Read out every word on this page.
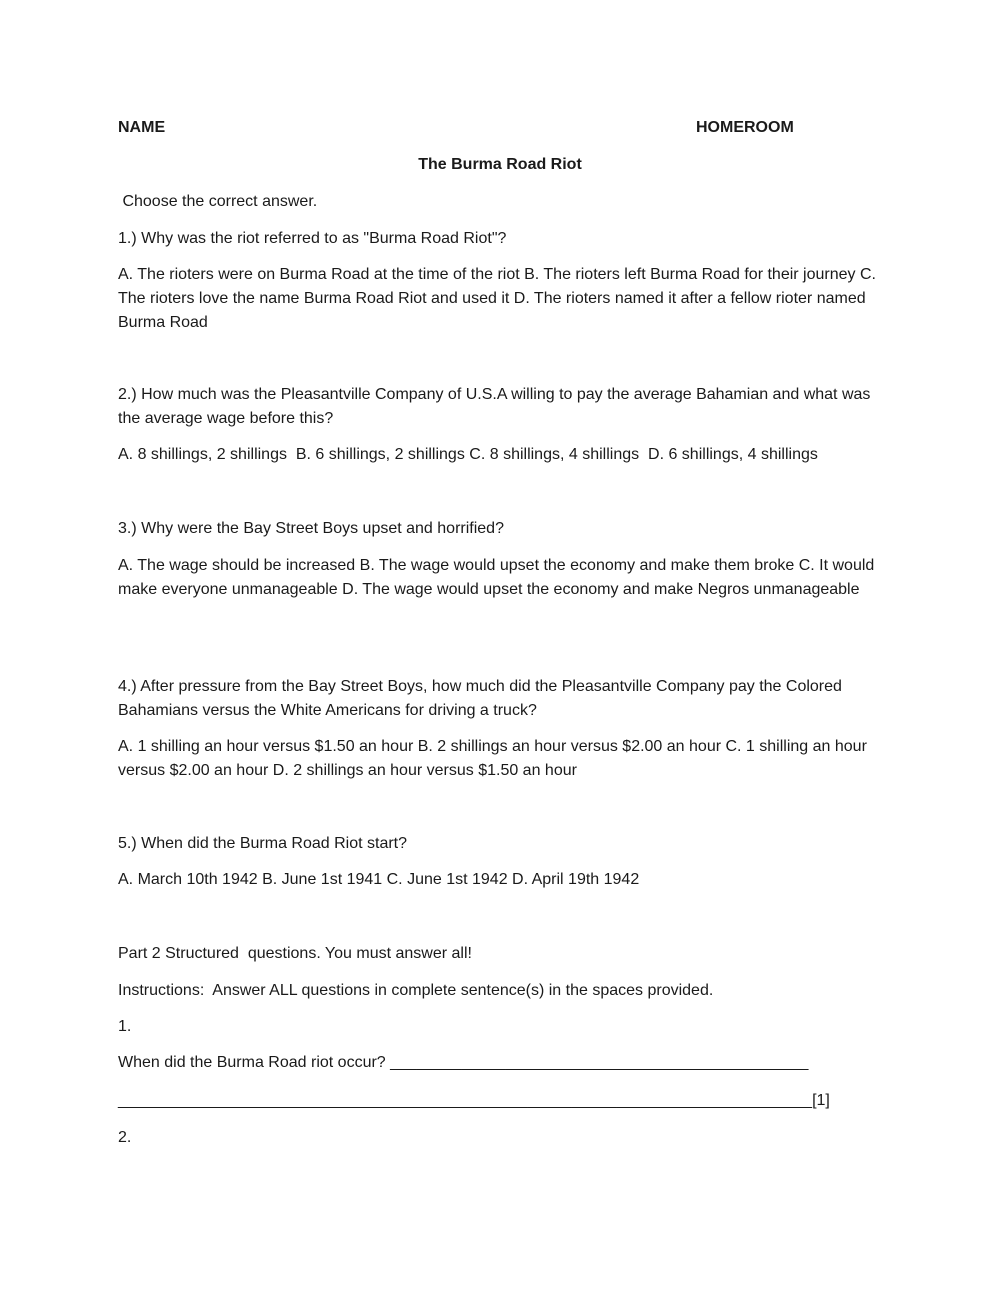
NAME	HOMEROOM
The Burma Road Riot

Choose the correct answer.

1.) Why was the riot referred to as "Burma Road Riot"?

A. The rioters were on Burma Road at the time of the riot B. The rioters left Burma Road for their journey C. The rioters love the name Burma Road Riot and used it D. The rioters named it after a fellow rioter named Burma Road

2.) How much was the Pleasantville Company of U.S.A willing to pay the average Bahamian and what was the average wage before this?

A. 8 shillings, 2 shillings  B. 6 shillings, 2 shillings C. 8 shillings, 4 shillings  D. 6 shillings, 4 shillings

3.) Why were the Bay Street Boys upset and horrified?

A. The wage should be increased B. The wage would upset the economy and make them broke C. It would make everyone unmanageable D. The wage would upset the economy and make Negros unmanageable

4.) After pressure from the Bay Street Boys, how much did the Pleasantville Company pay the Colored Bahamians versus the White Americans for driving a truck?

A. 1 shilling an hour versus $1.50 an hour B. 2 shillings an hour versus $2.00 an hour C. 1 shilling an hour versus $2.00 an hour D. 2 shillings an hour versus $1.50 an hour

5.) When did the Burma Road Riot start?

A. March 10th 1942 B. June 1st 1941 C. June 1st 1942 D. April 19th 1942

Part 2 Structured  questions. You must answer all!

Instructions:  Answer ALL questions in complete sentence(s) in the spaces provided.

1.

When did the Burma Road riot occur? _______________________________________________
______________________________________________________________________________[1]

2.
